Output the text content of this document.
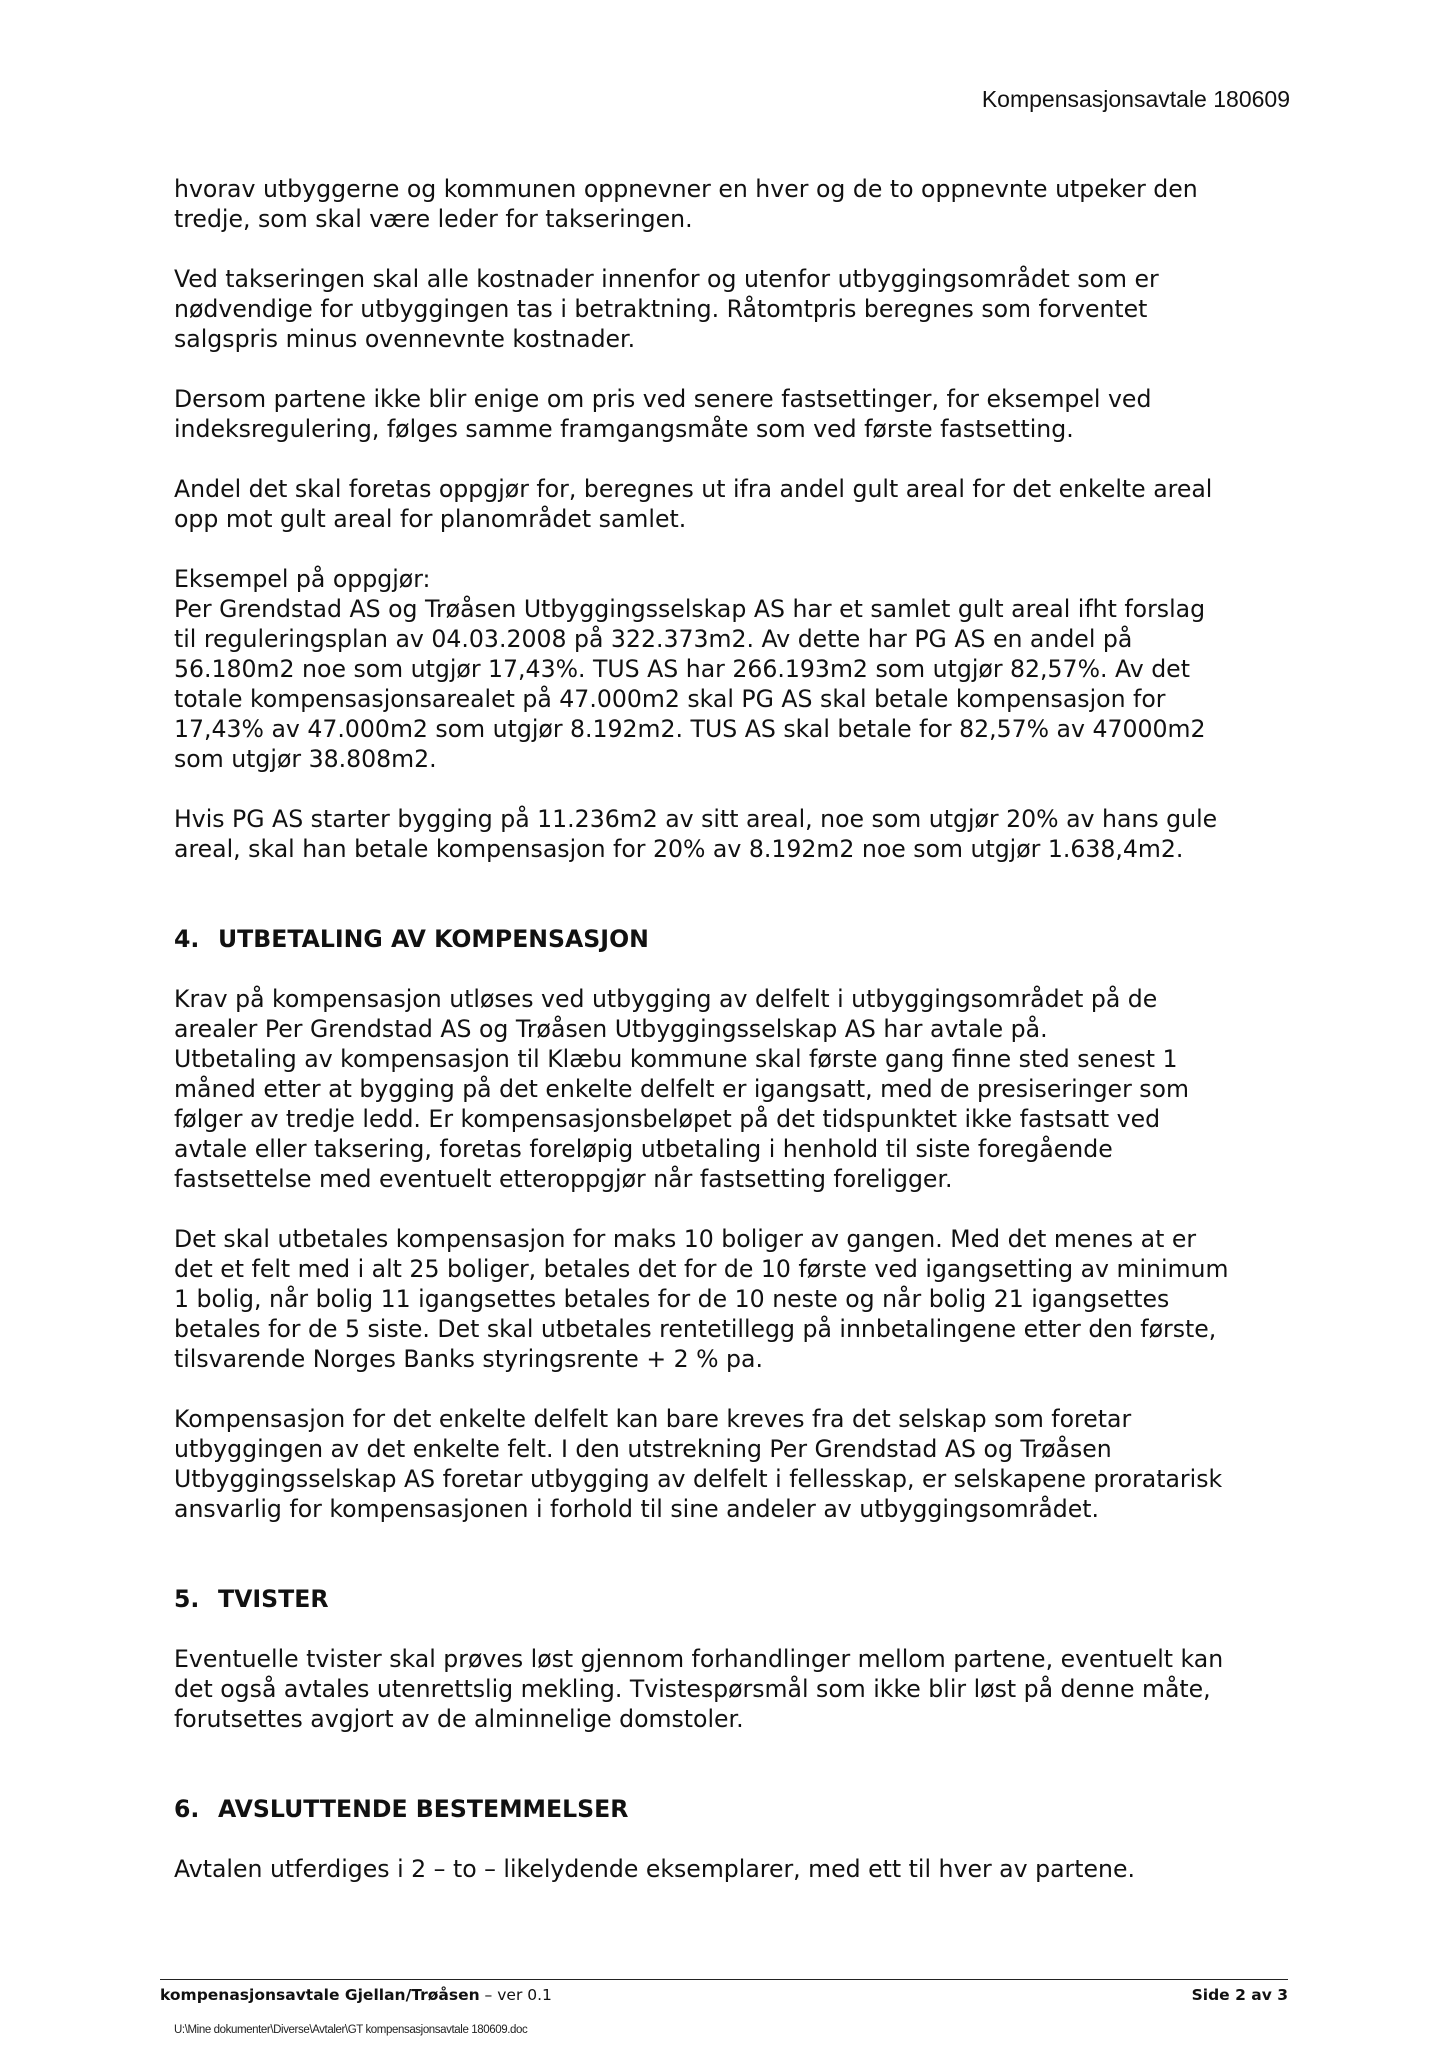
Kompensasjonsavtale 180609

hvorav utbyggerne og kommunen oppnevner en hver og de to oppnevnte utpeker den
tredje, som skal være leder for takseringen.

Ved takseringen skal alle kostnader innenfor og utenfor utbyggingsområdet som er
nødvendige for utbyggingen tas i betraktning. Råtomtpris beregnes som forventet
salgspris minus ovennevnte kostnader.

Dersom partene ikke blir enige om pris ved senere fastsettinger, for eksempel ved
indeksregulering, følges samme framgangsmåte som ved første fastsetting.

Andel det skal foretas oppgjør for, beregnes ut ifra andel gult areal for det enkelte areal
opp mot gult areal for planområdet samlet.

Eksempel på oppgjør:
Per Grendstad AS og Trøåsen Utbyggingsselskap AS har et samlet gult areal ifht forslag
til reguleringsplan av 04.03.2008 på 322.373m2. Av dette har PG AS en andel på
56.180m2 noe som utgjør 17,43%. TUS AS har 266.193m2 som utgjør 82,57%. Av det
totale kompensasjonsarealet på 47.000m2 skal PG AS skal betale kompensasjon for
17,43% av 47.000m2 som utgjør 8.192m2. TUS AS skal betale for 82,57% av 47000m2
som utgjør 38.808m2.

Hvis PG AS starter bygging på 11.236m2 av sitt areal, noe som utgjør 20% av hans gule
areal, skal han betale kompensasjon for 20% av 8.192m2 noe som utgjør 1.638,4m2.

4. UTBETALING AV KOMPENSASJON

Krav på kompensasjon utløses ved utbygging av delfelt i utbyggingsområdet på de
arealer Per Grendstad AS og Trøåsen Utbyggingsselskap AS har avtale på.
Utbetaling av kompensasjon til Klæbu kommune skal første gang finne sted senest 1
måned etter at bygging på det enkelte delfelt er igangsatt, med de presiseringer som
følger av tredje ledd. Er kompensasjonsbeløpet på det tidspunktet ikke fastsatt ved
avtale eller taksering, foretas foreløpig utbetaling i henhold til siste foregående
fastsettelse med eventuelt etteroppgjør når fastsetting foreligger.

Det skal utbetales kompensasjon for maks 10 boliger av gangen. Med det menes at er
det et felt med i alt 25 boliger, betales det for de 10 første ved igangsetting av minimum
1 bolig, når bolig 11 igangsettes betales for de 10 neste og når bolig 21 igangsettes
betales for de 5 siste. Det skal utbetales rentetillegg på innbetalingene etter den første,
tilsvarende Norges Banks styringsrente + 2 % pa.

Kompensasjon for det enkelte delfelt kan bare kreves fra det selskap som foretar
utbyggingen av det enkelte felt. I den utstrekning Per Grendstad AS og Trøåsen
Utbyggingsselskap AS foretar utbygging av delfelt i fellesskap, er selskapene proratarisk
ansvarlig for kompensasjonen i forhold til sine andeler av utbyggingsområdet.

5. TVISTER

Eventuelle tvister skal prøves løst gjennom forhandlinger mellom partene, eventuelt kan
det også avtales utenrettslig mekling. Tvistespørsmål som ikke blir løst på denne måte,
forutsettes avgjort av de alminnelige domstoler.

6. AVSLUTTENDE BESTEMMELSER

Avtalen utferdiges i 2 – to – likelydende eksemplarer, med ett til hver av partene.

kompenasjonsavtale Gjellan/Trøåsen – ver 0.1	Side 2 av 3
U:\Mine dokumenter\Diverse\Avtaler\GT kompensasjonsavtale 180609.doc
